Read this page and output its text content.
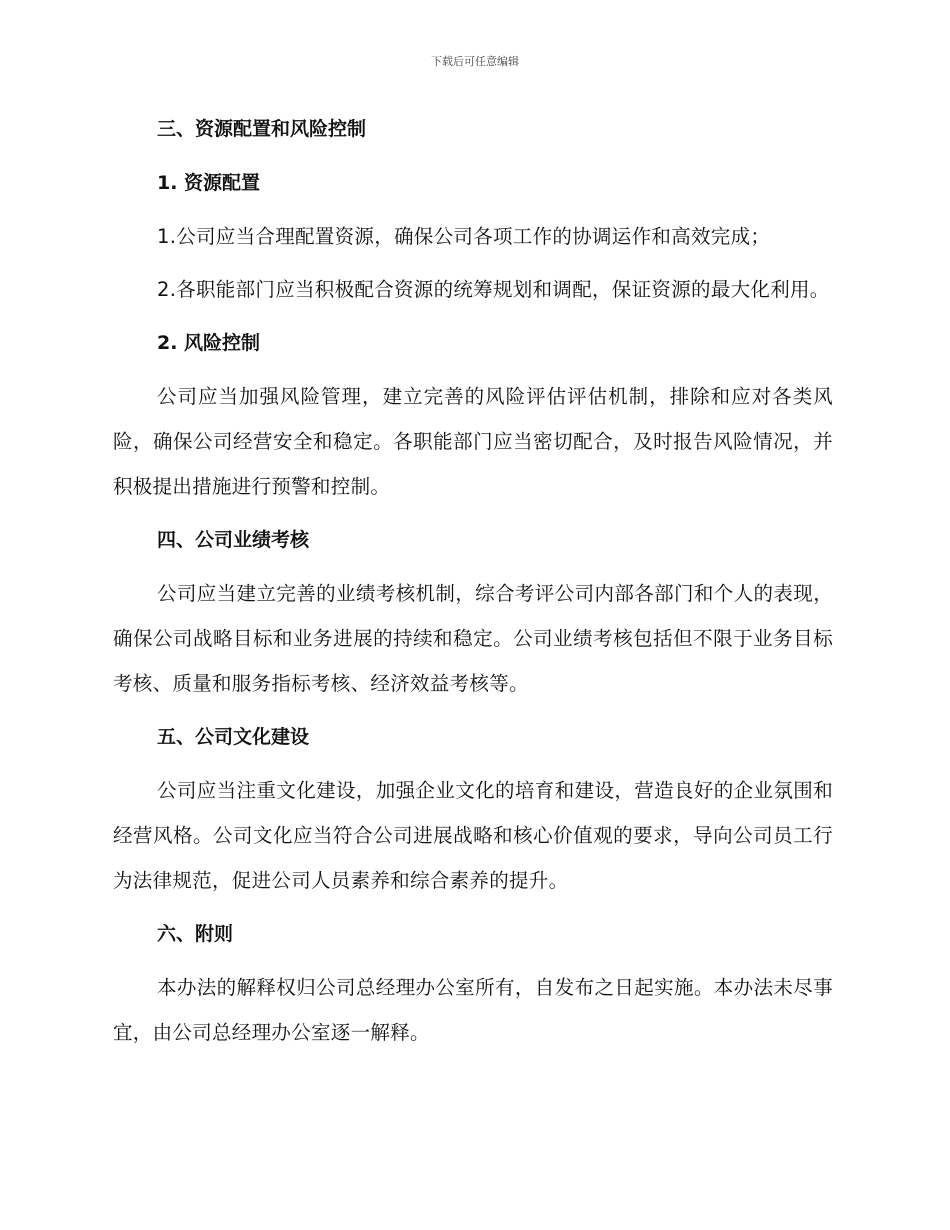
下载后可任意编辑
三、资源配置和风险控制
1. 资源配置

1.公司应当合理配置资源，确保公司各项工作的协调运作和高效完成；

2.各职能部门应当积极配合资源的统筹规划和调配，保证资源的最大化利用。

2. 风险控制

公司应当加强风险管理，建立完善的风险评估评估机制，排除和应对各类风险，确保公司经营安全和稳定。各职能部门应当密切配合，及时报告风险情况，并积极提出措施进行预警和控制。

四、公司业绩考核

公司应当建立完善的业绩考核机制，综合考评公司内部各部门和个人的表现，确保公司战略目标和业务进展的持续和稳定。公司业绩考核包括但不限于业务目标考核、质量和服务指标考核、经济效益考核等。

五、公司文化建设

公司应当注重文化建设，加强企业文化的培育和建设，营造良好的企业氛围和经营风格。公司文化应当符合公司进展战略和核心价值观的要求，导向公司员工行为法律规范，促进公司人员素养和综合素养的提升。

六、附则

本办法的解释权归公司总经理办公室所有，自发布之日起实施。本办法未尽事宜，由公司总经理办公室逐一解释。
